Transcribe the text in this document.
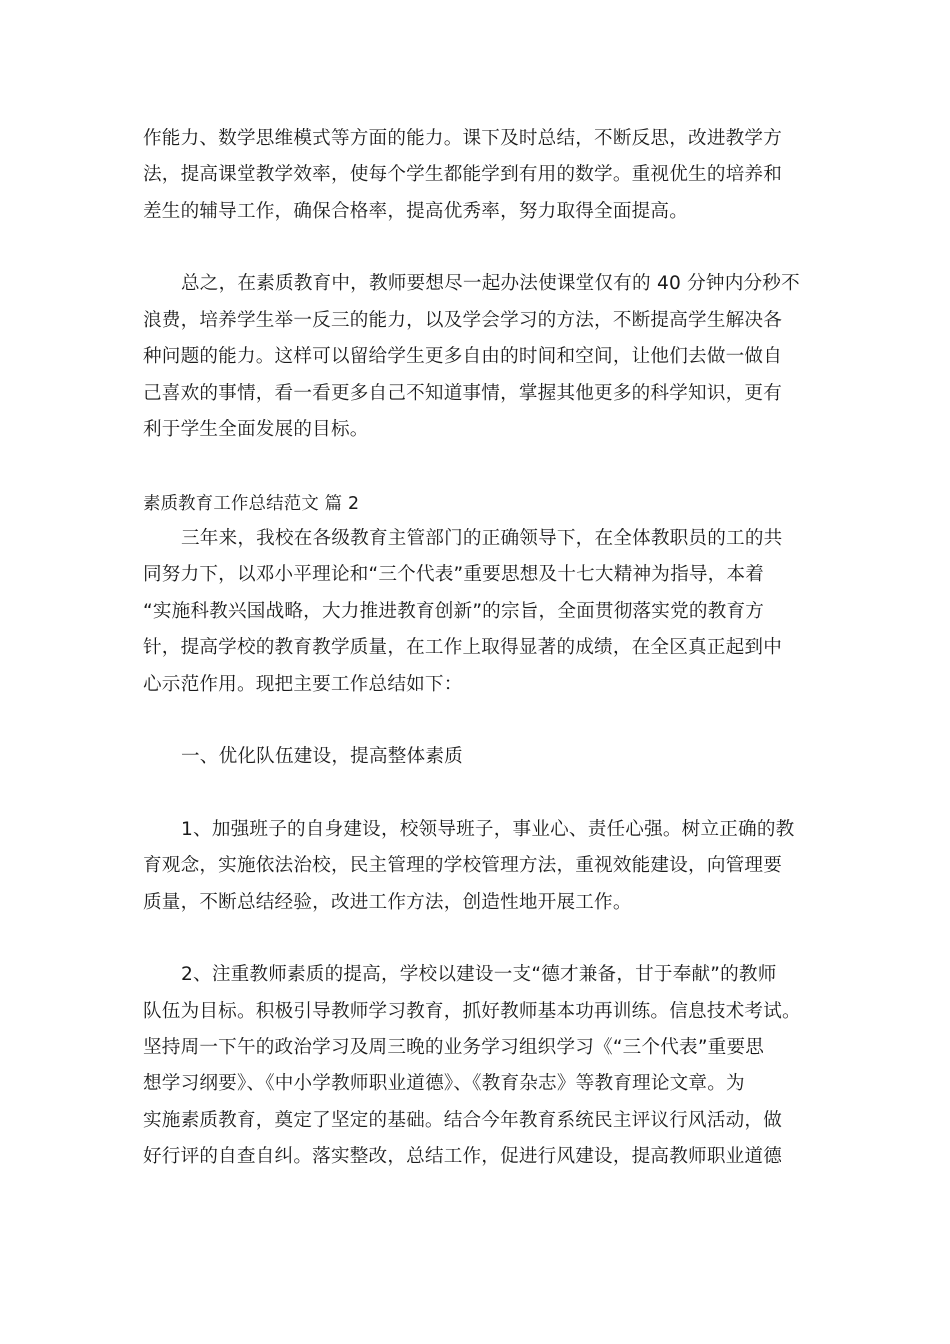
作能力、数学思维模式等方面的能力。课下及时总结，不断反思，改进教学方
法，提高课堂教学效率，使每个学生都能学到有用的数学。重视优生的培养和
差生的辅导工作，确保合格率，提高优秀率，努力取得全面提高。
总之，在素质教育中，教师要想尽一起办法使课堂仅有的 40 分钟内分秒不
浪费，培养学生举一反三的能力，以及学会学习的方法，不断提高学生解决各
种问题的能力。这样可以留给学生更多自由的时间和空间，让他们去做一做自
己喜欢的事情，看一看更多自己不知道事情，掌握其他更多的科学知识，更有
利于学生全面发展的目标。
素质教育工作总结范文 篇 2
三年来，我校在各级教育主管部门的正确领导下，在全体教职员的工的共
同努力下，以邓小平理论和“三个代表”重要思想及十七大精神为指导，本着
“实施科教兴国战略，大力推进教育创新”的宗旨，全面贯彻落实党的教育方
针，提高学校的教育教学质量，在工作上取得显著的成绩，在全区真正起到中
心示范作用。现把主要工作总结如下：
一、优化队伍建设，提高整体素质
1、加强班子的自身建设，校领导班子，事业心、责任心强。树立正确的教
育观念，实施依法治校，民主管理的学校管理方法，重视效能建设，向管理要
质量，不断总结经验，改进工作方法，创造性地开展工作。
2、注重教师素质的提高，学校以建设一支“德才兼备，甘于奉献”的教师
队伍为目标。积极引导教师学习教育，抓好教师基本功再训练。信息技术考试。
坚持周一下午的政治学习及周三晚的业务学习组织学习《“三个代表”重要思
想学习纲要》、《中小学教师职业道德》、《教育杂志》等教育理论文章。为
实施素质教育，奠定了坚定的基础。结合今年教育系统民主评议行风活动，做
好行评的自查自纠。落实整改，总结工作，促进行风建设，提高教师职业道德
